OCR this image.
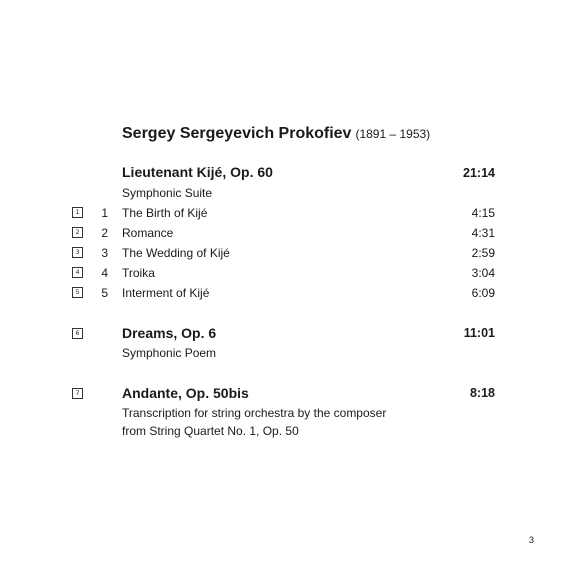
Sergey Sergeyevich Prokofiev (1891 – 1953)
Lieutenant Kijé, Op. 60	21:14
Symphonic Suite
1	1 The Birth of Kijé	4:15
2	2 Romance	4:31
3	3 The Wedding of Kijé	2:59
4	4 Troika	3:04
5	5 Interment of Kijé	6:09
6	Dreams, Op. 6	11:01
Symphonic Poem
7	Andante, Op. 50bis	8:18
Transcription for string orchestra by the composer
from String Quartet No. 1, Op. 50
3
